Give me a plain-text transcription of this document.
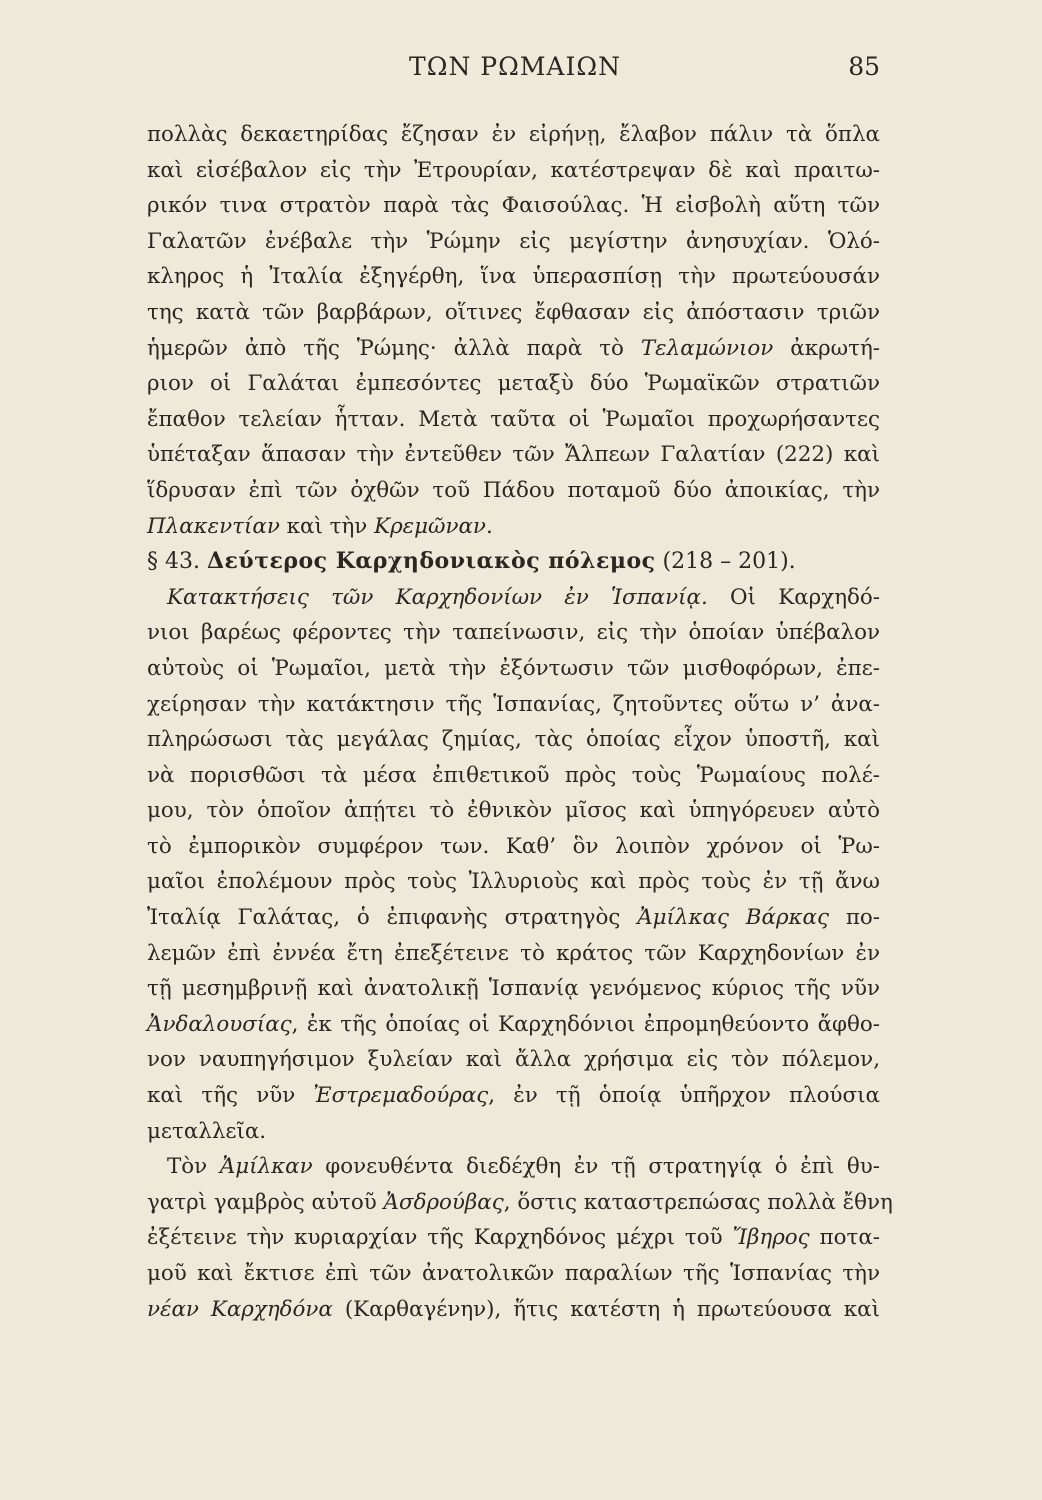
ΤΩΝ ΡΩΜΑΙΩΝ	85
πολλὰς δεκαετηρίδας ἔζησαν ἐν εἰρήνῃ, ἔλαβον πάλιν τὰ ὅπλα
καὶ εἰσέβαλον εἰς τὴν Ἐτρουρίαν, κατέστρεψαν δὲ καὶ πραιτω-
ρικόν τινα στρατὸν παρὰ τὰς Φαισούλας. Ἡ εἰσβολὴ αὕτη τῶν
Γαλατῶν ἐνέβαλε τὴν Ῥώμην εἰς μεγίστην ἀνησυχίαν. Ὁλό-
κληρος ἡ Ἰταλία ἐξηγέρθη, ἵνα ὑπερασπίσῃ τὴν πρωτεύουσάν
της κατὰ τῶν βαρβάρων, οἵτινες ἔφθασαν εἰς ἀπόστασιν τριῶν
ἡμερῶν ἀπὸ τῆς Ῥώμης· ἀλλὰ παρὰ τὸ Τελαμώνιον ἀκρωτή-
ριον οἱ Γαλάται ἐμπεσόντες μεταξὺ δύο Ῥωμαϊκῶν στρατιῶν
ἔπαθον τελείαν ἧτταν. Μετὰ ταῦτα οἱ Ῥωμαῖοι προχωρήσαντες
ὑπέταξαν ἅπασαν τὴν ἐντεῦθεν τῶν Ἄλπεων Γαλατίαν (222) καὶ
ἵδρυσαν ἐπὶ τῶν ὀχθῶν τοῦ Πάδου ποταμοῦ δύο ἀποικίας, τὴν
Πλακεντίαν καὶ τὴν Κρεμῶναν.
§ 43. Δεύτερος Καρχηδονιακὸς πόλεμος (218 – 201).
Κατακτήσεις τῶν Καρχηδονίων ἐν Ἱσπανίᾳ. Οἱ Καρχηδό-
νιοι βαρέως φέροντες τὴν ταπείνωσιν, εἰς τὴν ὁποίαν ὑπέβαλον
αὐτοὺς οἱ Ῥωμαῖοι, μετὰ τὴν ἐξόντωσιν τῶν μισθοφόρων, ἐπε-
χείρησαν τὴν κατάκτησιν τῆς Ἱσπανίας, ζητοῦντες οὕτω ν’ ἀνα-
πληρώσωσι τὰς μεγάλας ζημίας, τὰς ὁποίας εἶχον ὑποστῆ, καὶ
νὰ πορισθῶσι τὰ μέσα ἐπιθετικοῦ πρὸς τοὺς Ῥωμαίους πολέ-
μου, τὸν ὁποῖον ἀπῄτει τὸ ἐθνικὸν μῖσος καὶ ὑπηγόρευεν αὐτὸ
τὸ ἐμπορικὸν συμφέρον των. Καθ’ ὃν λοιπὸν χρόνον οἱ Ῥω-
μαῖοι ἐπολέμουν πρὸς τοὺς Ἰλλυριοὺς καὶ πρὸς τοὺς ἐν τῇ ἄνω
Ἰταλίᾳ Γαλάτας, ὁ ἐπιφανὴς στρατηγὸς Ἀμίλκας Βάρκας πο-
λεμῶν ἐπὶ ἐννέα ἔτη ἐπεξέτεινε τὸ κράτος τῶν Καρχηδονίων ἐν
τῇ μεσημβρινῇ καὶ ἀνατολικῇ Ἱσπανίᾳ γενόμενος κύριος τῆς νῦν
Ἀνδαλουσίας, ἐκ τῆς ὁποίας οἱ Καρχηδόνιοι ἐπρομηθεύοντο ἄφθο-
νον ναυπηγήσιμον ξυλείαν καὶ ἄλλα χρήσιμα εἰς τὸν πόλεμον,
καὶ τῆς νῦν Ἐστρεμαδούρας, ἐν τῇ ὁποίᾳ ὑπῆρχον πλούσια
μεταλλεῖα.
Τὸν Ἀμίλκαν φονευθέντα διεδέχθη ἐν τῇ στρατηγίᾳ ὁ ἐπὶ θυ-
γατρὶ γαμβρὸς αὐτοῦ Ἀσδρούβας, ὅστις καταστρεπώσας πολλὰ ἔθνη
ἐξέτεινε τὴν κυριαρχίαν τῆς Καρχηδόνος μέχρι τοῦ Ἴβηρος ποτα-
μοῦ καὶ ἔκτισε ἐπὶ τῶν ἀνατολικῶν παραλίων τῆς Ἱσπανίας τὴν
νέαν Καρχηδόνα (Καρθαγένην), ἥτις κατέστη ἡ πρωτεύουσα καὶ
